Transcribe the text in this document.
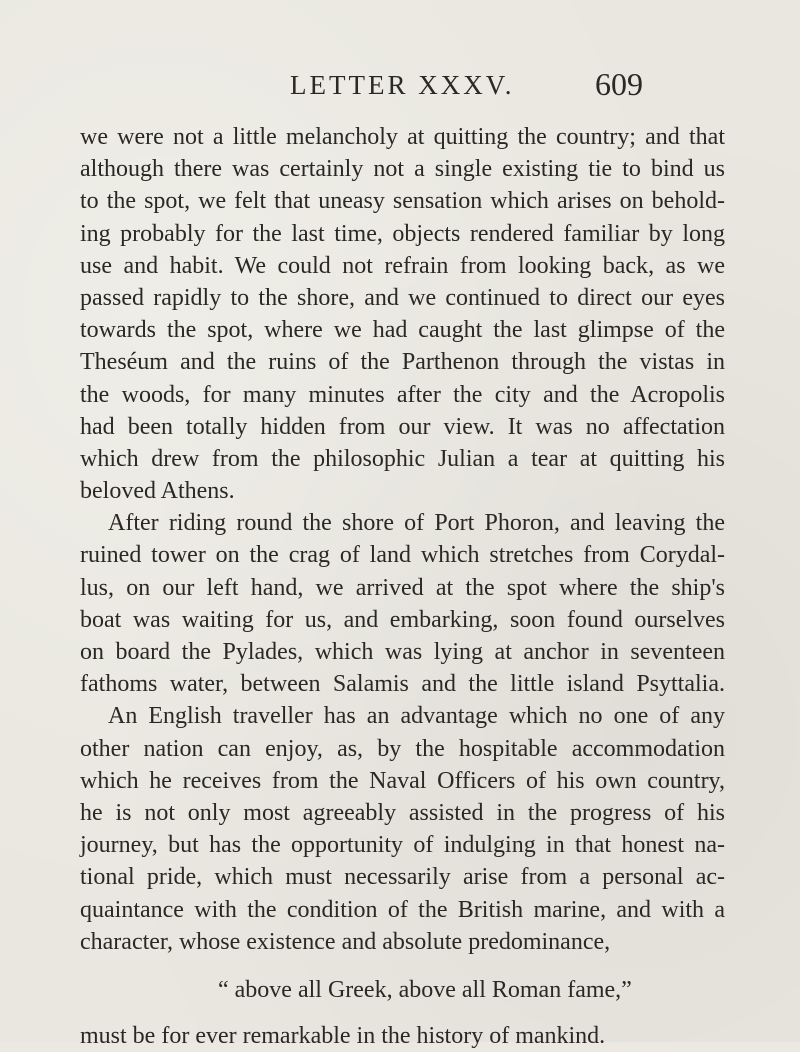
LETTER XXXV.	609
we were not a little melancholy at quitting the country; and that
although there was certainly not a single existing tie to bind us
to the spot, we felt that uneasy sensation which arises on behold-
ing probably for the last time, objects rendered familiar by long
use and habit. We could not refrain from looking back, as we
passed rapidly to the shore, and we continued to direct our eyes
towards the spot, where we had caught the last glimpse of the
Theséum and the ruins of the Parthenon through the vistas in
the woods, for many minutes after the city and the Acropolis
had been totally hidden from our view. It was no affectation
which drew from the philosophic Julian a tear at quitting his
beloved Athens.
After riding round the shore of Port Phoron, and leaving the
ruined tower on the crag of land which stretches from Corydal-
lus, on our left hand, we arrived at the spot where the ship's
boat was waiting for us, and embarking, soon found ourselves
on board the Pylades, which was lying at anchor in seventeen
fathoms water, between Salamis and the little island Psyttalia.
An English traveller has an advantage which no one of any
other nation can enjoy, as, by the hospitable accommodation
which he receives from the Naval Officers of his own country,
he is not only most agreeably assisted in the progress of his
journey, but has the opportunity of indulging in that honest na-
tional pride, which must necessarily arise from a personal ac-
quaintance with the condition of the British marine, and with a
character, whose existence and absolute predominance,
“ above all Greek, above all Roman fame,”
must be for ever remarkable in the history of mankind.
